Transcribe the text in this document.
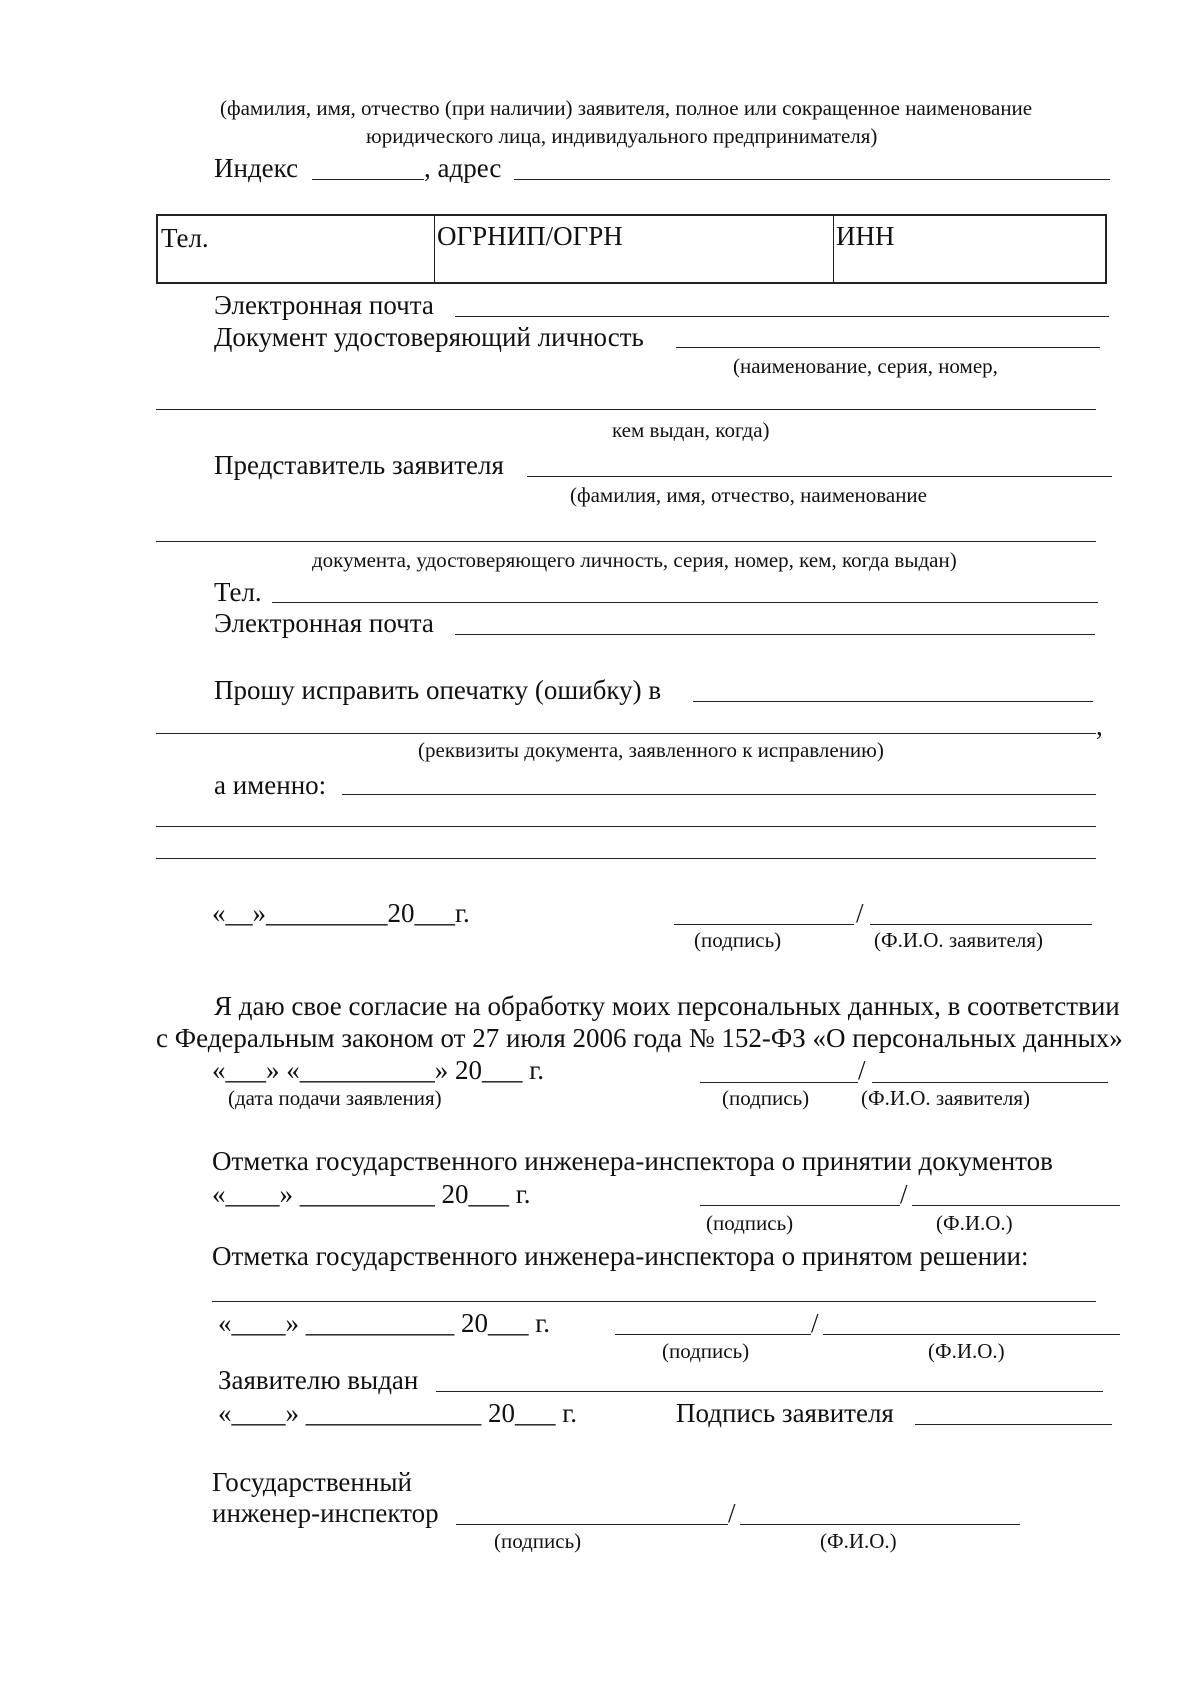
(фамилия, имя, отчество (при наличии) заявителя, полное или сокращенное наименование
юридического лица, индивидуального предпринимателя)
Индекс	, адрес
Тел.	ОГРНИП/ОГРН	ИНН
Электронная почта
Документ удостоверяющий личность
(наименование, серия, номер,
кем выдан, когда)
Представитель заявителя
(фамилия, имя, отчество, наименование
документа, удостоверяющего личность, серия, номер, кем, когда выдан)
Тел.
Электронная почта
Прошу исправить опечатку (ошибку) в
,
(реквизиты документа, заявленного к исправлению)
а именно:
«__»_________20___г.	/
(подпись)	(Ф.И.О. заявителя)
Я даю свое согласие на обработку моих персональных данных, в соответствии
с Федеральным законом от 27 июля 2006 года № 152-ФЗ «О персональных данных»
«___» «__________» 20___ г.	/
(дата подачи заявления)	(подпись) (Ф.И.О. заявителя)
Отметка государственного инженера-инспектора о принятии документов
«____» __________ 20___ г.	/
(подпись)	(Ф.И.О.)
Отметка государственного инженера-инспектора о принятом решении:
«____» ___________ 20___ г.	/
(подпись)	(Ф.И.О.)
Заявителю выдан
«____» _____________ 20___ г.	Подпись заявителя
Государственный
инженер-инспектор	/
(подпись)	(Ф.И.О.)
